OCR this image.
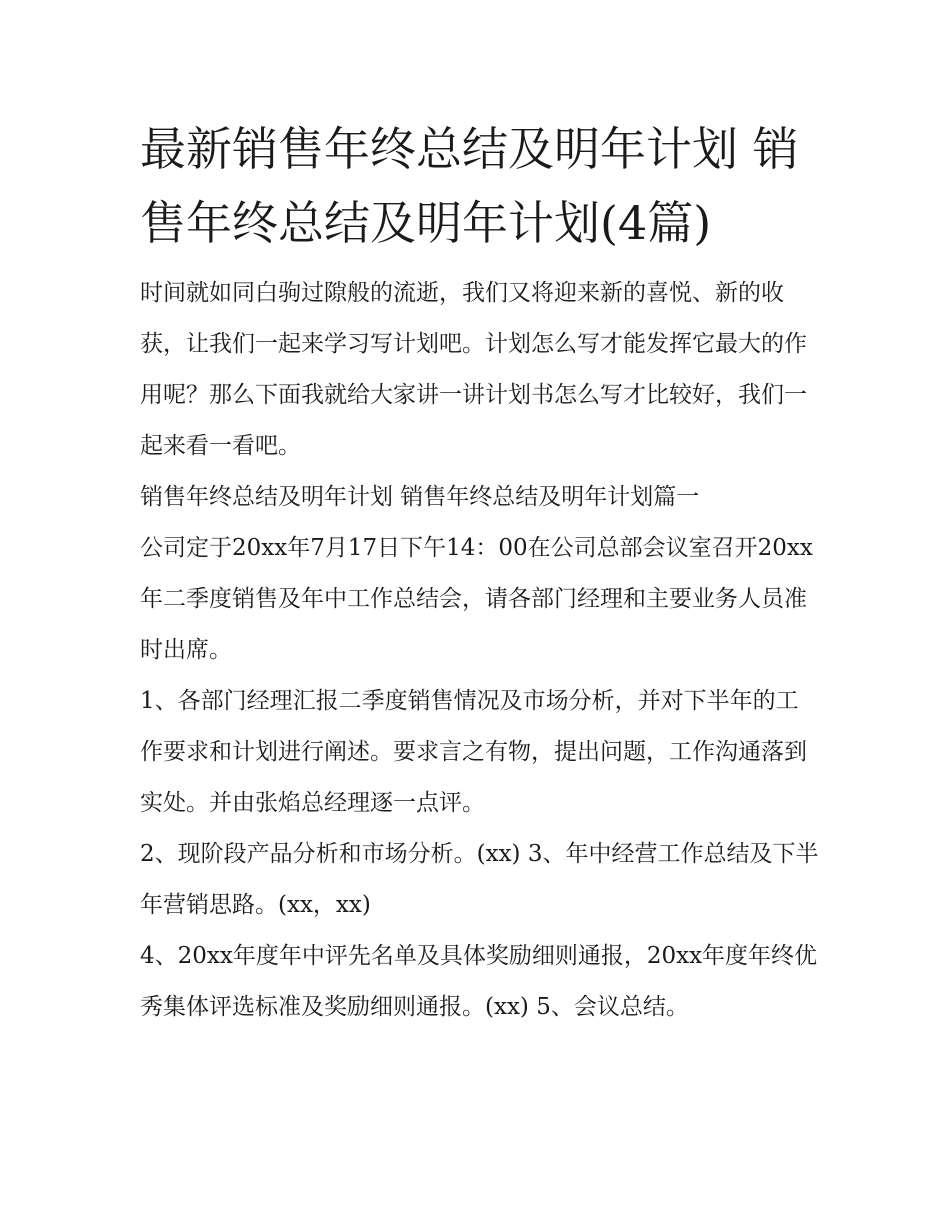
最新销售年终总结及明年计划 销售年终总结及明年计划(4篇)

时间就如同白驹过隙般的流逝，我们又将迎来新的喜悦、新的收获，让我们一起来学习写计划吧。计划怎么写才能发挥它最大的作用呢？那么下面我就给大家讲一讲计划书怎么写才比较好，我们一起来看一看吧。

销售年终总结及明年计划 销售年终总结及明年计划篇一

公司定于20xx年7月17日下午14：00在公司总部会议室召开20xx年二季度销售及年中工作总结会，请各部门经理和主要业务人员准时出席。

1、各部门经理汇报二季度销售情况及市场分析，并对下半年的工作要求和计划进行阐述。要求言之有物，提出问题，工作沟通落到实处。并由张焰总经理逐一点评。

2、现阶段产品分析和市场分析。(xx) 3、年中经营工作总结及下半年营销思路。(xx，xx)

4、20xx年度年中评先名单及具体奖励细则通报，20xx年度年终优秀集体评选标准及奖励细则通报。(xx) 5、会议总结。
